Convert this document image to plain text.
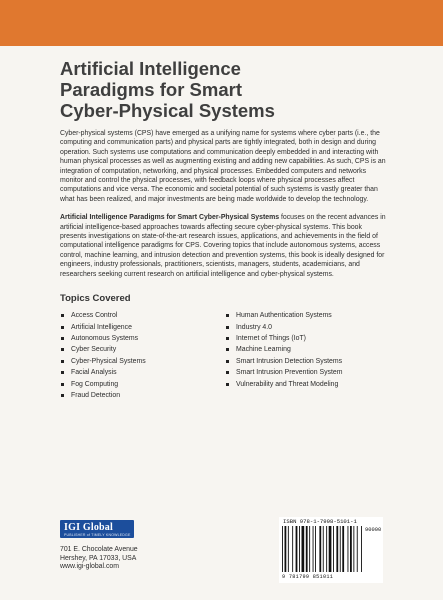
Artificial Intelligence
Paradigms for Smart
Cyber-Physical Systems

Cyber-physical systems (CPS) have emerged as a unifying name for systems where cyber parts (i.e., the computing and communication parts) and physical parts are tightly integrated, both in design and during operation. Such systems use computations and communication deeply embedded in and interacting with human physical processes as well as augmenting existing and adding new capabilities. As such, CPS is an integration of computation, networking, and physical processes. Embedded computers and networks monitor and control the physical processes, with feedback loops where physical processes affect computations and vice versa. The economic and societal potential of such systems is vastly greater than what has been realized, and major investments are being made worldwide to develop the technology.

Artificial Intelligence Paradigms for Smart Cyber-Physical Systems focuses on the recent advances in artificial intelligence-based approaches towards affecting secure cyber-physical systems. This book presents investigations on state-of-the-art research issues, applications, and achievements in the field of computational intelligence paradigms for CPS. Covering topics that include autonomous systems, access control, machine learning, and intrusion detection and prevention systems, this book is ideally designed for engineers, industry professionals, practitioners, scientists, managers, students, academicians, and researchers seeking current research on artificial intelligence and cyber-physical systems.

Topics Covered
Access Control
Artificial Intelligence
Autonomous Systems
Cyber Security
Cyber-Physical Systems
Facial Analysis
Fog Computing
Fraud Detection
Human Authentication Systems
Industry 4.0
Internet of Things (IoT)
Machine Learning
Smart Intrusion Detection Systems
Smart Intrusion Prevention System
Vulnerability and Threat Modeling
IGI Global
PUBLISHER of TIMELY KNOWLEDGE
701 E. Chocolate Avenue
Hershey, PA 17033, USA
www.igi-global.com
ISBN 978-1-7998-5101-1
90000
9 781799 851011
